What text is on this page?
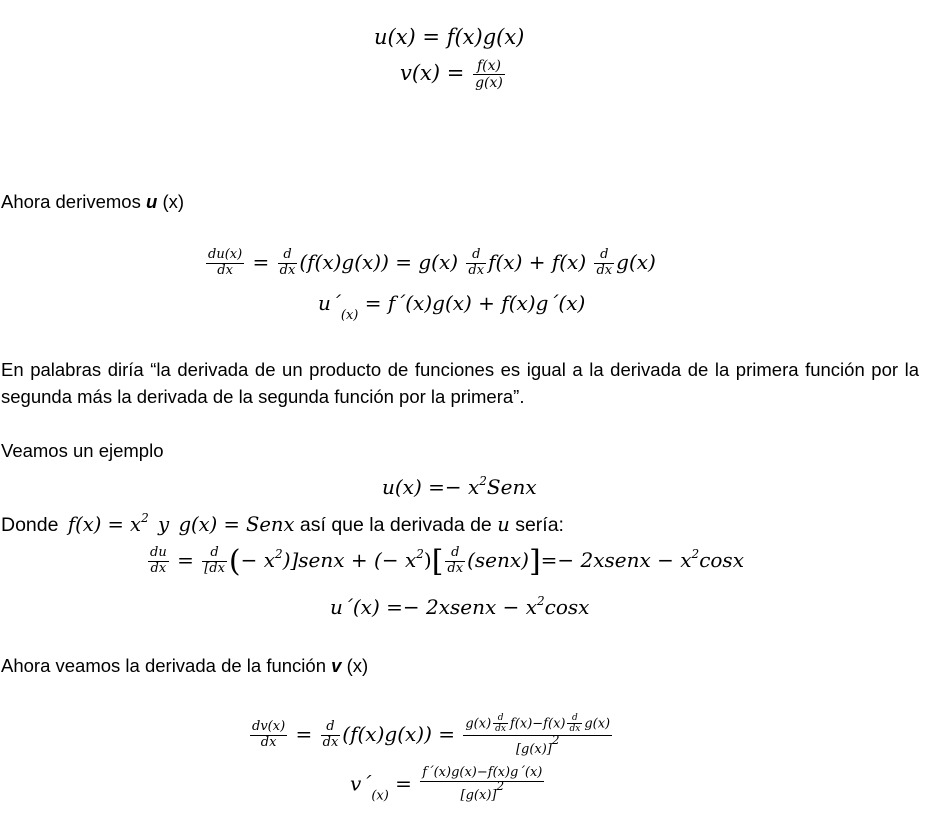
u(x) = f(x)g(x)
$v(x) = \frac{f(x)}{g(x)}$
Ahora derivemos u (x)
$\frac{du(x)}{dx} = \frac{d}{dx} (f(x)g(x)) = g(x) \frac{d}{dx} f(x) + f(x) \frac{d}{dx} g(x)$
$u´_{(x)}$ = f´(x)g(x) + f(x)g´(x)
En palabras diría “la derivada de un producto de funciones es igual a la derivada de la primera función por la segunda más la derivada de la segunda función por la primera”.
Veamos un ejemplo
$u(x) =- x^2Senx$
Donde $f(x) = x^2$ y g(x) = Senx así que la derivada de u sería:
$\frac{du}{dx} = \frac{d}{[dx}$ (− $x^2)]senx$ + (− $x^2)[ \frac{d}{dx}$ (senx)]=− 2xsenx − $x^2\cos x$
u´(x) =− 2xsenx − $x^2\cos x$
Ahora veamos la derivada de la función v (x)
$\frac{dv(x)}{dx} = \frac{d}{dx} (f(x)g(x)) = \frac{g(x) \frac{d}{dx} f(x)-f(x) \frac{d}{dx} g(x)}{[g(x)]^2}$
$v´_{(x)} = \frac{f´(x)g(x)-f(x)g´(x)}{[g(x)]^2}$
